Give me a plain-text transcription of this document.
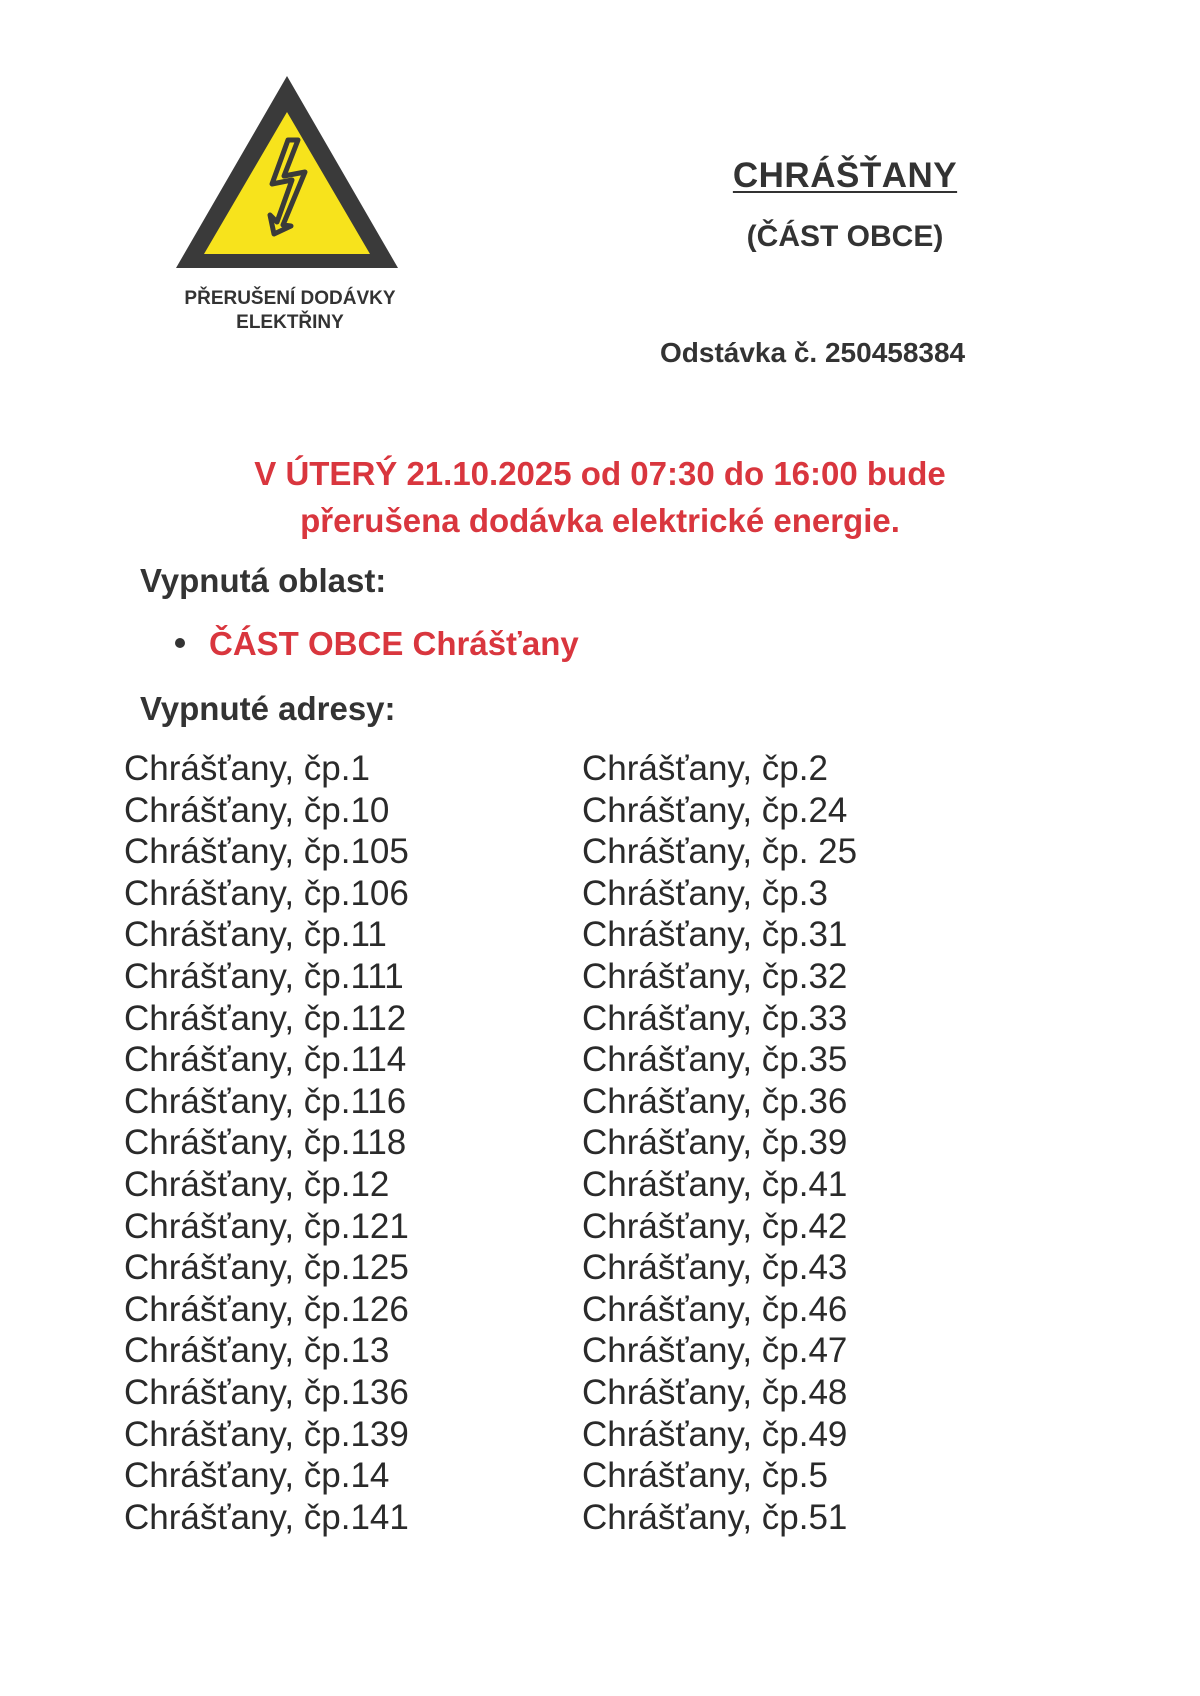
PŘERUŠENÍ DODÁVKY
ELEKTŘINY
CHRÁŠŤANY
(ČÁST OBCE)
Odstávka č. 250458384
V ÚTERÝ 21.10.2025 od 07:30 do 16:00 bude
přerušena dodávka elektrické energie.
Vypnutá oblast:
ČÁST OBCE Chrášťany
Vypnuté adresy:
Chrášťany, čp.1
Chrášťany, čp.10
Chrášťany, čp.105
Chrášťany, čp.106
Chrášťany, čp.11
Chrášťany, čp.111
Chrášťany, čp.112
Chrášťany, čp.114
Chrášťany, čp.116
Chrášťany, čp.118
Chrášťany, čp.12
Chrášťany, čp.121
Chrášťany, čp.125
Chrášťany, čp.126
Chrášťany, čp.13
Chrášťany, čp.136
Chrášťany, čp.139
Chrášťany, čp.14
Chrášťany, čp.141
Chrášťany, čp.2
Chrášťany, čp.24
Chrášťany, čp. 25
Chrášťany, čp.3
Chrášťany, čp.31
Chrášťany, čp.32
Chrášťany, čp.33
Chrášťany, čp.35
Chrášťany, čp.36
Chrášťany, čp.39
Chrášťany, čp.41
Chrášťany, čp.42
Chrášťany, čp.43
Chrášťany, čp.46
Chrášťany, čp.47
Chrášťany, čp.48
Chrášťany, čp.49
Chrášťany, čp.5
Chrášťany, čp.51
